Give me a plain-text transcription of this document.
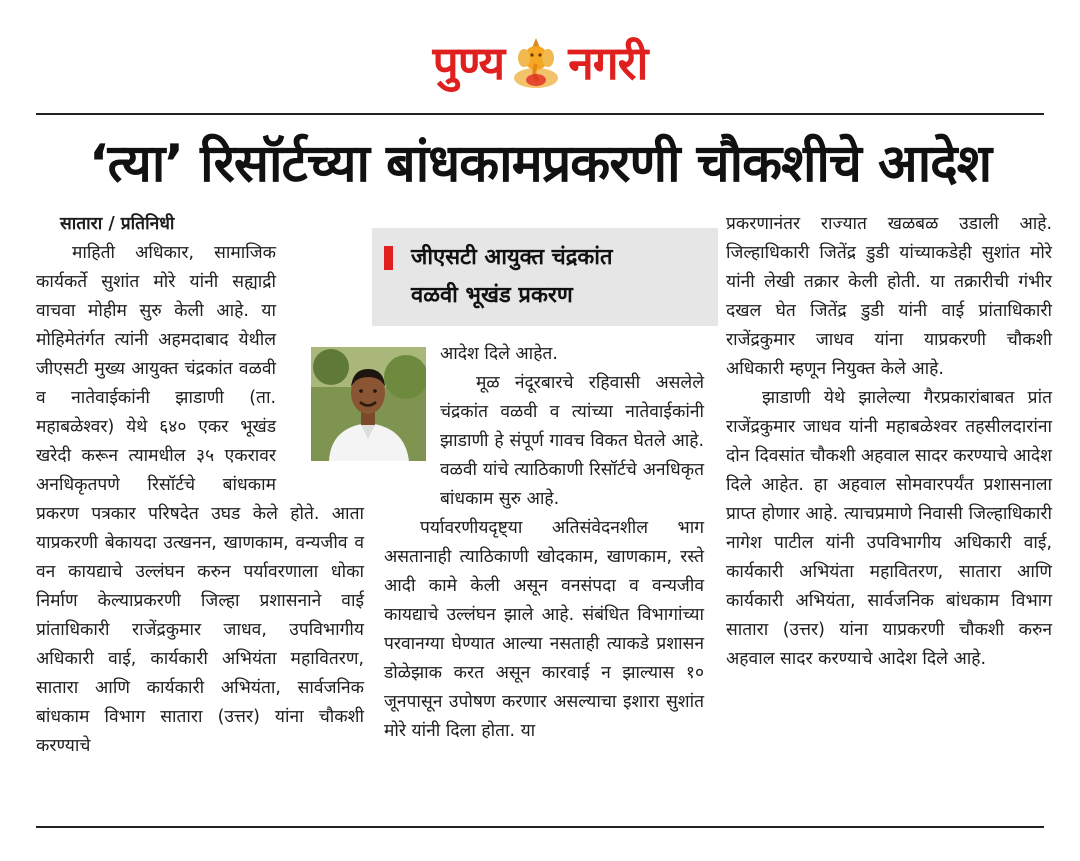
पुण्य नगरी
‘त्या’ रिसॉर्टच्या बांधकामप्रकरणी चौकशीचे आदेश

सातारा / प्रतिनिधी

माहिती अधिकार, सामाजिक कार्यकर्ते सुशांत मोरे यांनी सह्याद्री वाचवा मोहीम सुरु केली आहे. या मोहिमेतंर्गत त्यांनी अहमदाबाद येथील जीएसटी मुख्य आयुक्त चंद्रकांत वळवी व नातेवाईकांनी झाडाणी (ता. महाबळेश्वर) येथे ६४० एकर भूखंड खरेदी करून त्यामधील ३५ एकरावर अनधिकृतपणे रिसॉर्टचे बांधकाम प्रकरण पत्रकार परिषदेत उघड केले होते. आता याप्रकरणी बेकायदा उत्खनन, खाणकाम, वन्यजीव व वन कायद्याचे उल्लंघन करुन पर्यावरणाला धोका निर्माण केल्याप्रकरणी जिल्हा प्रशासनाने वाई प्रांताधिकारी राजेंद्रकुमार जाधव, उपविभागीय अधिकारी वाई, कार्यकारी अभियंता महावितरण, सातारा आणि कार्यकारी अभियंता, सार्वजनिक बांधकाम विभाग सातारा (उत्तर) यांना चौकशी करण्याचे

जीएसटी आयुक्त चंद्रकांत
वळवी भूखंड प्रकरण

आदेश दिले आहेत.

मूळ नंदूरबारचे रहिवासी असलेले चंद्रकांत वळवी व त्यांच्या नातेवाईकांनी झाडाणी हे संपूर्ण गावच विकत घेतले आहे. वळवी यांचे त्याठिकाणी रिसॉर्टचे अनधिकृत बांधकाम सुरु आहे.

पर्यावरणीयदृष्ट्या अतिसंवेदनशील भाग असतानाही त्याठिकाणी खोदकाम, खाणकाम, रस्ते आदी कामे केली असून वनसंपदा व वन्यजीव कायद्याचे उल्लंघन झाले आहे. संबंधित विभागांच्या परवानग्या घेण्यात आल्या नसताही त्याकडे प्रशासन डोळेझाक करत असून कारवाई न झाल्यास १० जूनपासून उपोषण करणार असल्याचा इशारा सुशांत मोरे यांनी दिला होता. या

प्रकरणानंतर राज्यात खळबळ उडाली आहे. जिल्हाधिकारी जितेंद्र डुडी यांच्याकडेही सुशांत मोरे यांनी लेखी तक्रार केली होती. या तक्रारीची गंभीर दखल घेत जितेंद्र डुडी यांनी वाई प्रांताधिकारी राजेंद्रकुमार जाधव यांना याप्रकरणी चौकशी अधिकारी म्हणून नियुक्त केले आहे.

झाडाणी येथे झालेल्या गैरप्रकारांबाबत प्रांत राजेंद्रकुमार जाधव यांनी महाबळेश्वर तहसीलदारांना दोन दिवसांत चौकशी अहवाल सादर करण्याचे आदेश दिले आहेत. हा अहवाल सोमवारपर्यंत प्रशासनाला प्राप्त होणार आहे. त्याचप्रमाणे निवासी जिल्हाधिकारी नागेश पाटील यांनी उपविभागीय अधिकारी वाई, कार्यकारी अभियंता महावितरण, सातारा आणि कार्यकारी अभियंता, सार्वजनिक बांधकाम विभाग सातारा (उत्तर) यांना याप्रकरणी चौकशी करुन अहवाल सादर करण्याचे आदेश दिले आहे.
